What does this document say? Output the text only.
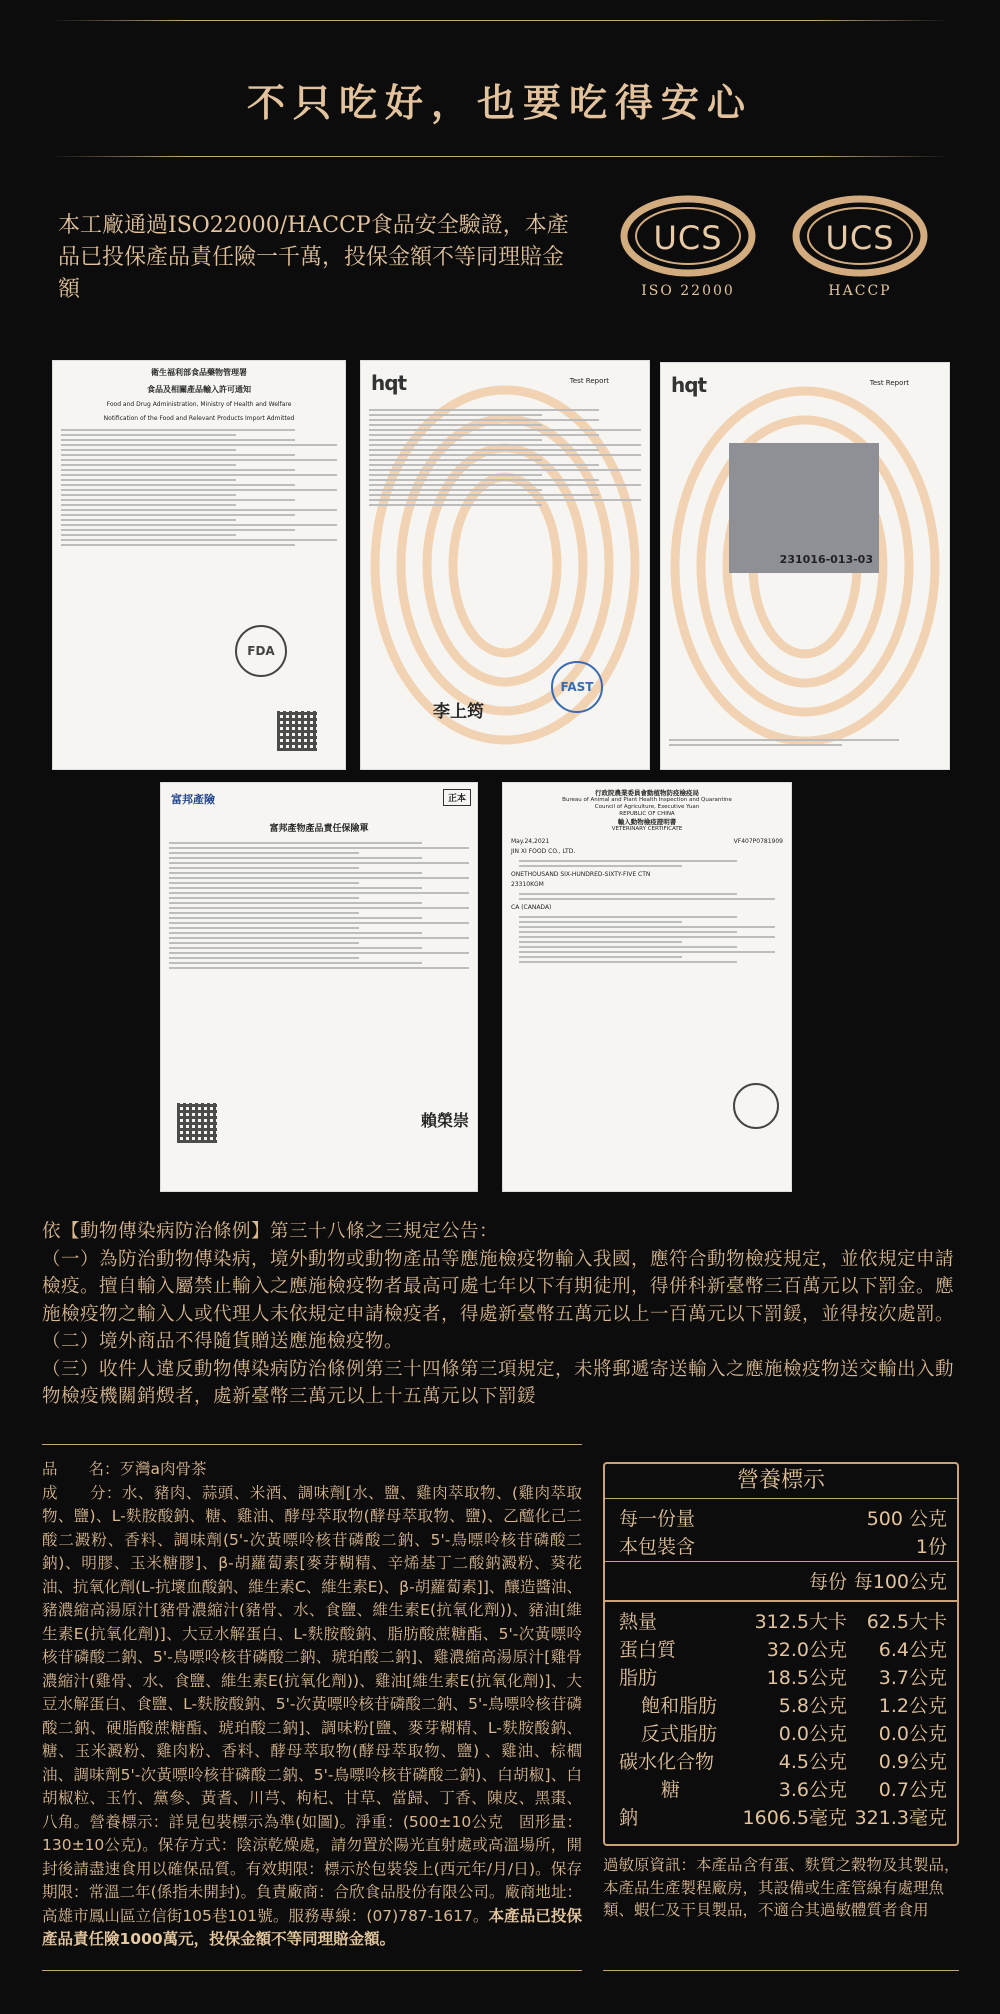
不只吃好，也要吃得安心

本工廠通過ISO22000/HACCP食品安全驗證，本產品已投保產品責任險一千萬，投保金額不等同理賠金額

UCS
ISO 22000
UCS
HACCP
衛生福利部食品藥物管理署
食品及相關產品輸入許可通知
Food and Drug Administration, Ministry of Health and Welfare
Notification of the Food and Relevant Products Import Admitted
FDA
hqt	Test Report
FAST
李上筠
hqt	Test Report
231016-013-03
富邦產險	正本
富邦產物產品責任保險單
賴榮崇
行政院農業委員會動植物防疫檢疫局
Bureau of Animal and Plant Health Inspection and Quarantine
Council of Agriculture, Executive Yuan
REPUBLIC OF CHINA
輸入動物檢疫證明書
VETERINARY CERTIFICATE
May.24,2021	VF407P0781909
JIN XI FOOD CO., LTD.
ONETHOUSAND SIX-HUNDRED-SIXTY-FIVE CTN
23310KGM
CA (CANADA)
依【動物傳染病防治條例】第三十八條之三規定公告：
（一）為防治動物傳染病，境外動物或動物產品等應施檢疫物輸入我國，應符合動物檢疫規定，並依規定申請檢疫。擅自輸入屬禁止輸入之應施檢疫物者最高可處七年以下有期徒刑，得併科新臺幣三百萬元以下罰金。應施檢疫物之輸入人或代理人未依規定申請檢疫者，得處新臺幣五萬元以上一百萬元以下罰鍰，並得按次處罰。
（二）境外商品不得隨貨贈送應施檢疫物。
（三）收件人違反動物傳染病防治條例第三十四條第三項規定，未將郵遞寄送輸入之應施檢疫物送交輸出入動物檢疫機關銷燬者，處新臺幣三萬元以上十五萬元以下罰鍰
品　　名：歹灣a肉骨茶
成　　分：水、豬肉、蒜頭、米酒、調味劑[水、鹽、雞肉萃取物、(雞肉萃取物、鹽)、L-麩胺酸鈉、糖、雞油、酵母萃取物(酵母萃取物、鹽)、乙醯化己二酸二澱粉、香料、調味劑(5'-次黃嘌呤核苷磷酸二鈉、5'-鳥嘌呤核苷磷酸二鈉)、明膠、玉米糖膠]、β-胡蘿蔔素[麥芽糊精、辛烯基丁二酸鈉澱粉、葵花油、抗氧化劑(L-抗壞血酸鈉、維生素C、維生素E)、β-胡蘿蔔素]]、釀造醬油、豬濃縮高湯原汁[豬骨濃縮汁(豬骨、水、食鹽、維生素E(抗氧化劑))、豬油[維生素E(抗氧化劑)]、大豆水解蛋白、L-麩胺酸鈉、脂肪酸蔗糖酯、5'-次黃嘌呤核苷磷酸二鈉、5'-鳥嘌呤核苷磷酸二鈉、琥珀酸二鈉]、雞濃縮高湯原汁[雞骨濃縮汁(雞骨、水、食鹽、維生素E(抗氧化劑))、雞油[維生素E(抗氧化劑)]、大豆水解蛋白、食鹽、L-麩胺酸鈉、5'-次黃嘌呤核苷磷酸二鈉、5'-鳥嘌呤核苷磷酸二鈉、硬脂酸蔗糖酯、琥珀酸二鈉]、調味粉[鹽、麥芽糊精、L-麩胺酸鈉、糖、玉米澱粉、雞肉粉、香料、酵母萃取物(酵母萃取物、鹽) 、雞油、棕櫚油、調味劑5'-次黃嘌呤核苷磷酸二鈉、5'-鳥嘌呤核苷磷酸二鈉)、白胡椒]、白胡椒粒、玉竹、黨參、黃耆、川芎、枸杞、甘草、當歸、丁香、陳皮、黑棗、八角。營養標示：詳見包裝標示為準(如圖)。淨重：(500±10公克　固形量：130±10公克)。保存方式：陰涼乾燥處，請勿置於陽光直射處或高溫場所，開封後請盡速食用以確保品質。有效期限：標示於包裝袋上(西元年/月/日)。保存期限：常溫二年(係指未開封)。負責廠商：合欣食品股份有限公司。廠商地址：高雄市鳳山區立信街105巷101號。服務專線：(07)787-1617。本產品已投保產品責任險1000萬元，投保金額不等同理賠金額。
營養標示
每一份量	500 公克
本包裝含	1份
每份 每100公克
熱量	312.5大卡	62.5大卡
蛋白質	32.0公克	6.4公克
脂肪	18.5公克	3.7公克
飽和脂肪	5.8公克	1.2公克
反式脂肪	0.0公克	0.0公克
碳水化合物	4.5公克	0.9公克
糖	3.6公克	0.7公克
鈉	1606.5毫克 321.3毫克
過敏原資訊：本產品含有蛋、麩質之穀物及其製品，本產品生產製程廠房，其設備或生產管線有處理魚類、蝦仁及干貝製品，不適合其過敏體質者食用
